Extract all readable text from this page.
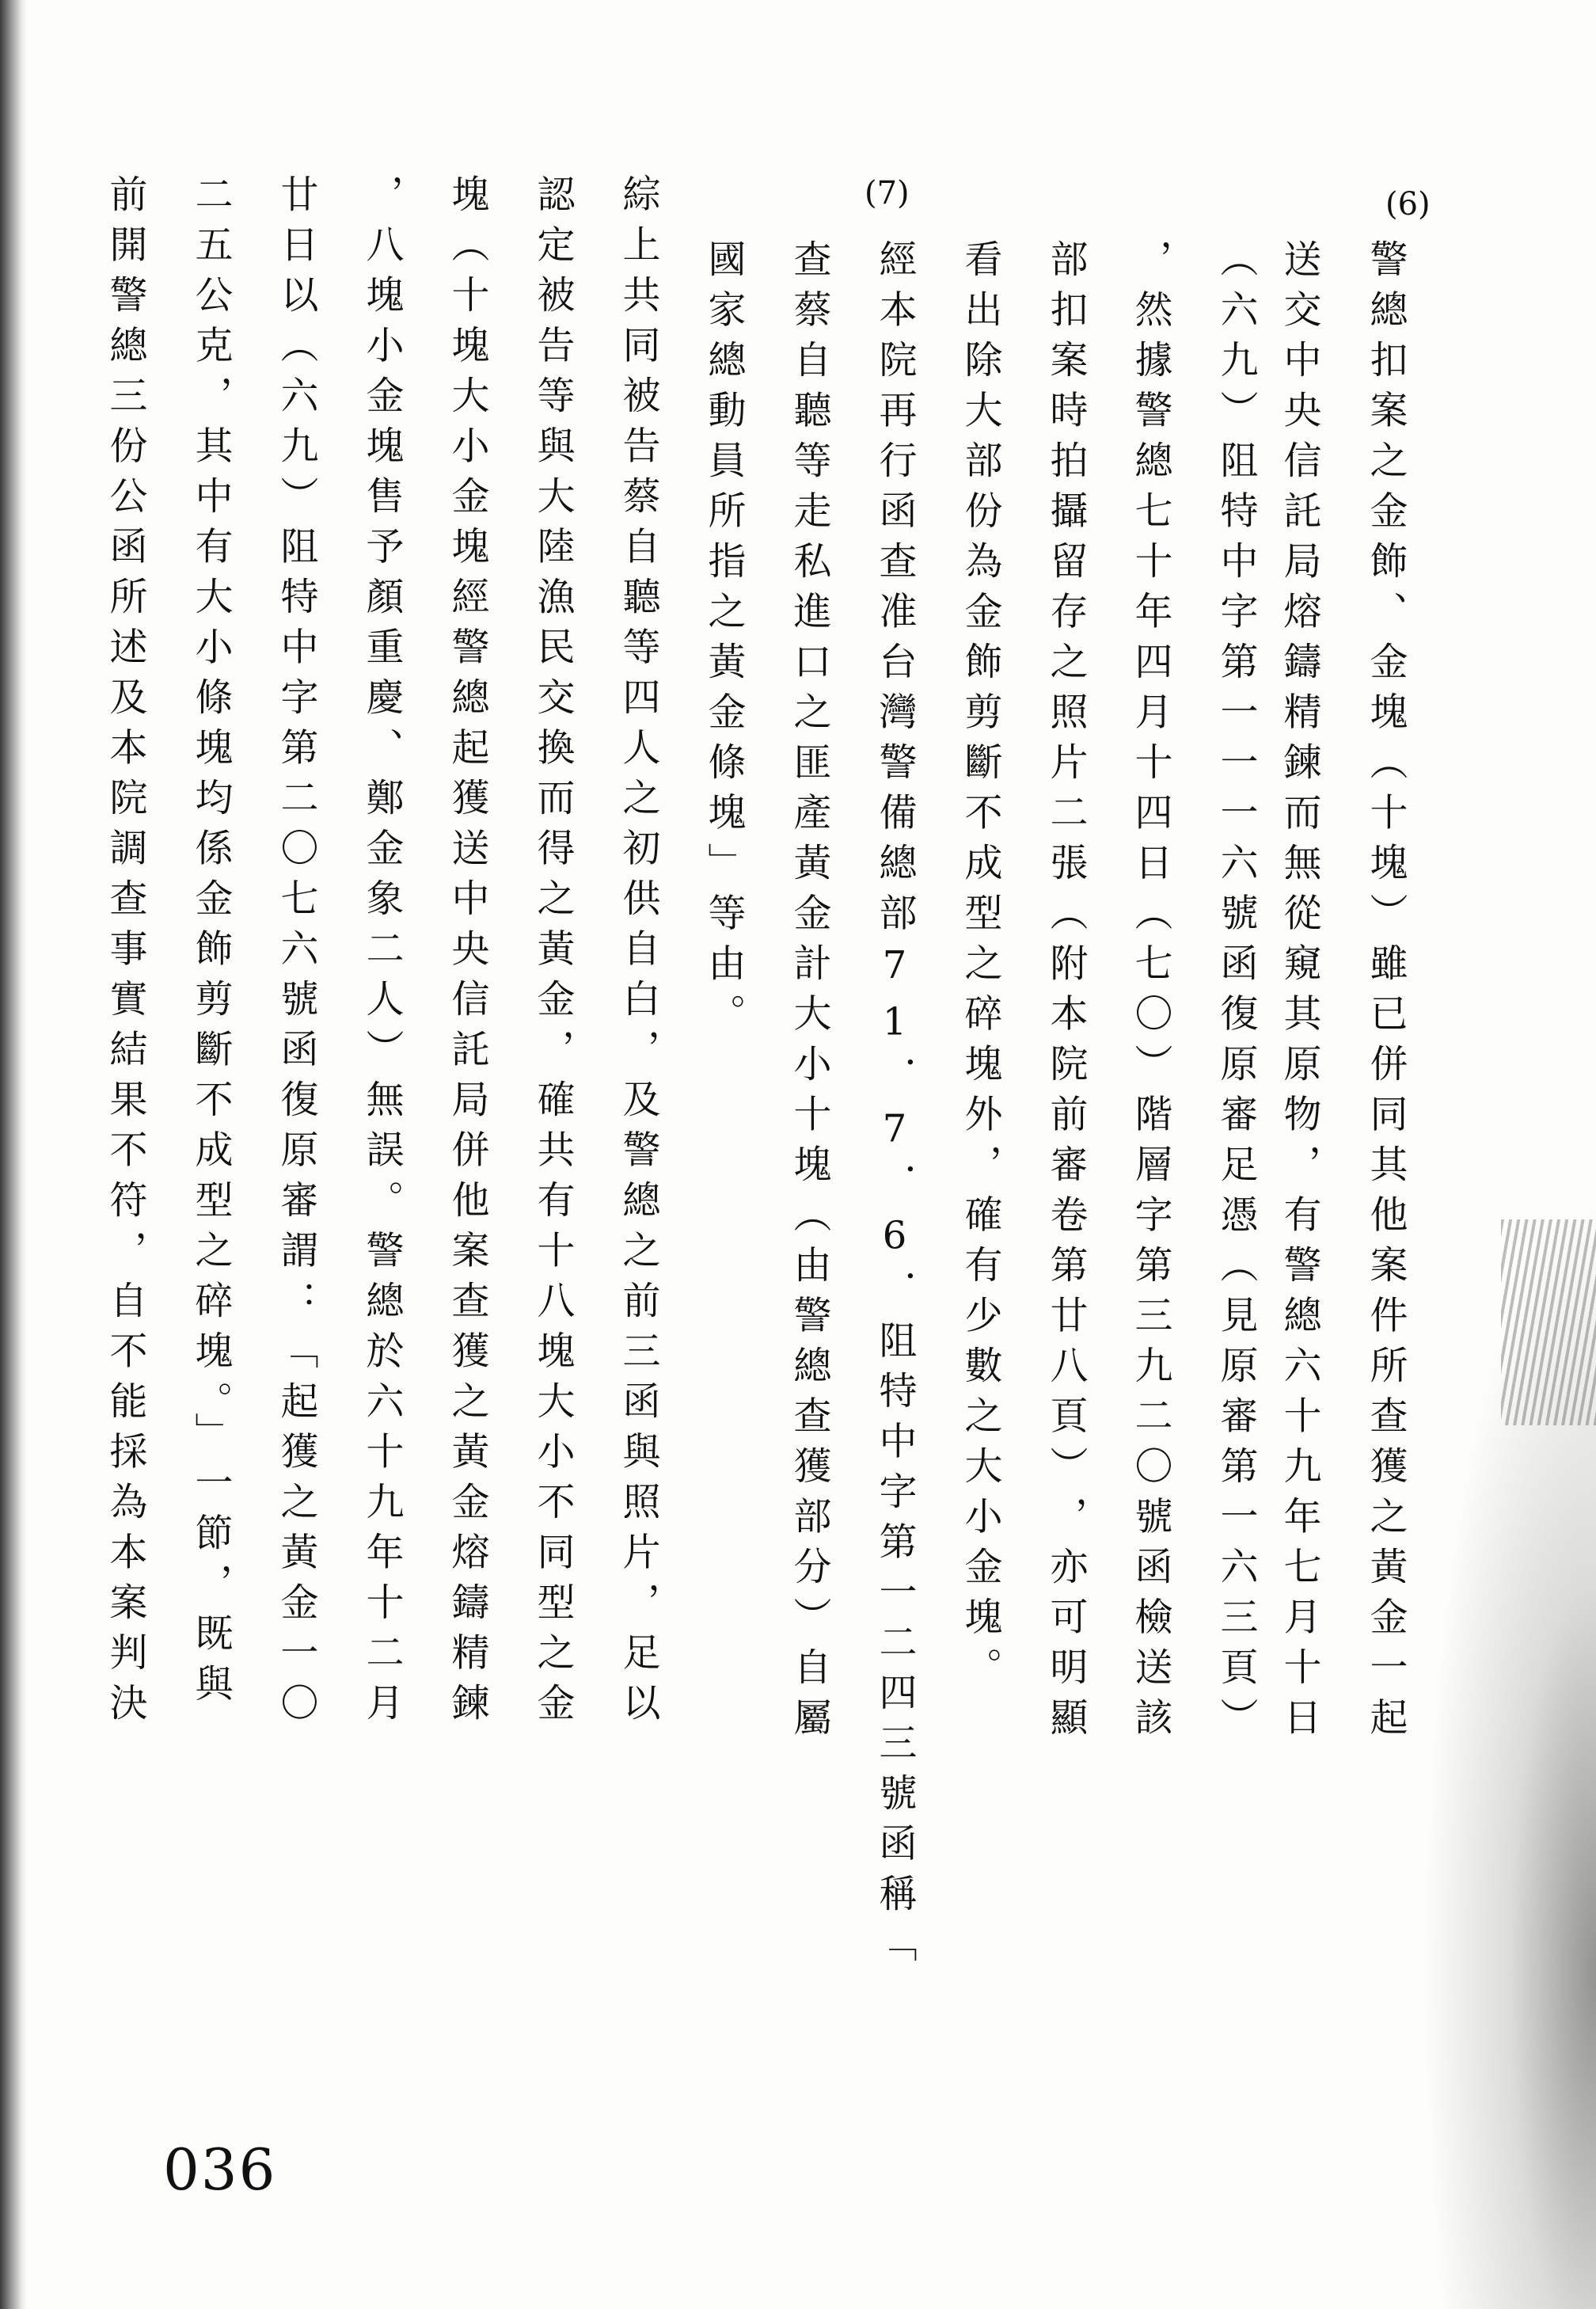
(6)
(7)
警總扣案之金飾、金塊︵十塊︶雖已併同其他案件所查獲之黃金一起
送交中央信託局熔鑄精鍊而無從窺其原物，有警總六十九年七月十日
︵六九︶阻特中字第一一一六號函復原審足憑︵見原審第一六三頁︶
，然據警總七十年四月十四日︵七〇︶階層字第三九二〇號函檢送該
部扣案時拍攝留存之照片二張︵附本院前審卷第廿八頁︶，亦可明顯
看出除大部份為金飾剪斷不成型之碎塊外，確有少數之大小金塊。
經本院再行函查准台灣警備總部71．7．6．阻特中字第一二四三號函稱「
查蔡自聽等走私進口之匪產黃金計大小十塊︵由警總查獲部分︶自屬
國家總動員所指之黃金條塊」等由。
綜上共同被告蔡自聽等四人之初供自白，及警總之前三函與照片，足以
認定被告等與大陸漁民交換而得之黃金，確共有十八塊大小不同型之金
塊︵十塊大小金塊經警總起獲送中央信託局併他案查獲之黃金熔鑄精鍊
，八塊小金塊售予顏重慶、鄭金象二人︶無誤。警總於六十九年十二月
廿日以︵六九︶阻特中字第二〇七六號函復原審謂：「起獲之黃金一〇
二五公克，其中有大小條塊均係金飾剪斷不成型之碎塊。」一節，既與
前開警總三份公函所述及本院調查事實結果不符，自不能採為本案判決
036
